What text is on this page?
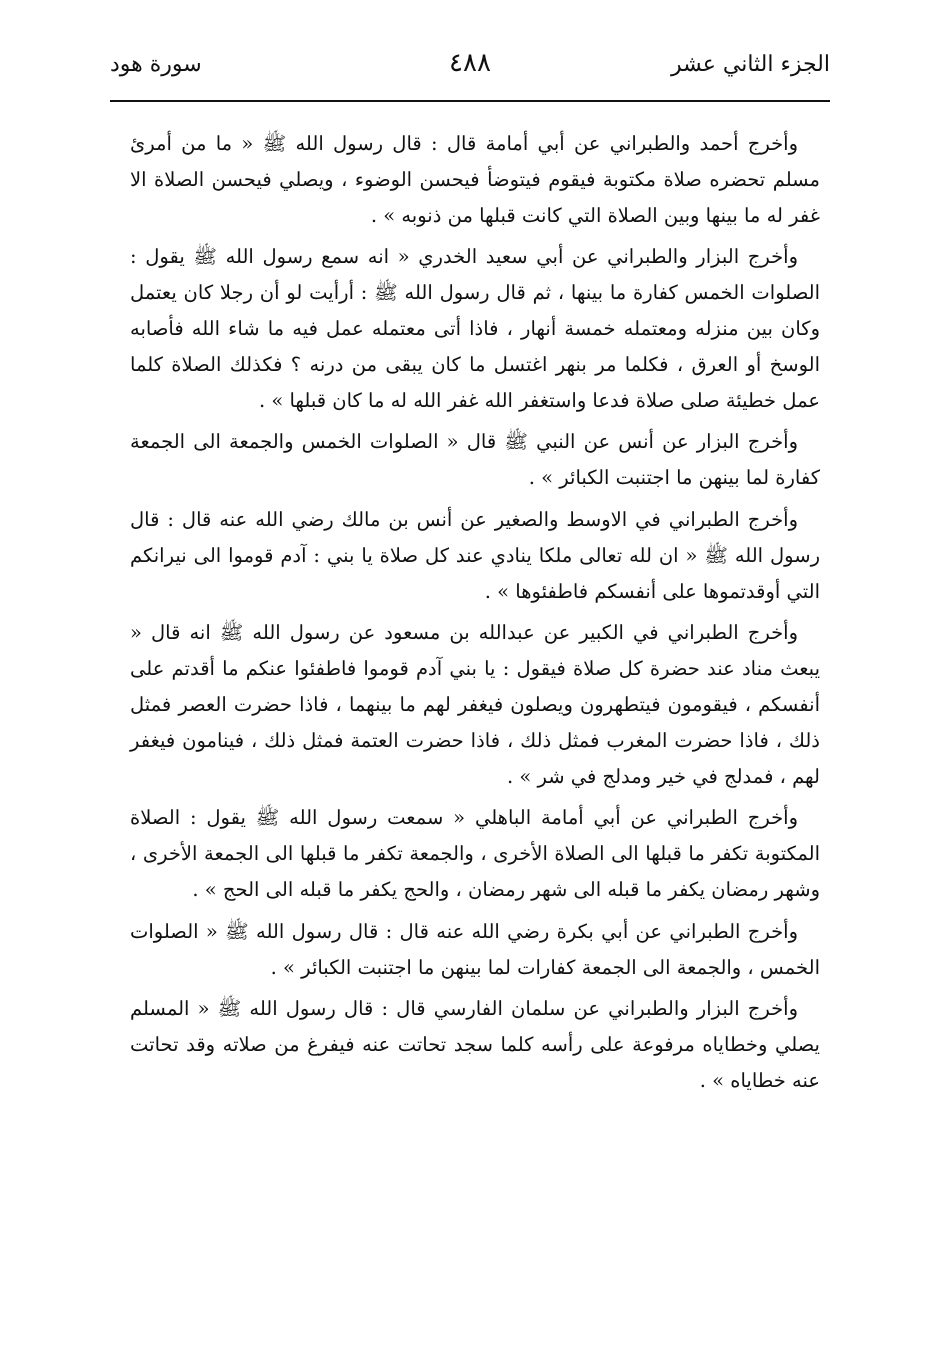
الجزء الثاني عشر
٤٨٨
سورة هود

وأخرج أحمد والطبراني عن أبي أمامة قال : قال رسول الله ﷺ « ما من أمرئ مسلم تحضره صلاة مكتوبة فيقوم فيتوضأ فيحسن الوضوء ، ويصلي فيحسن الصلاة الا غفر له ما بينها وبين الصلاة التي كانت قبلها من ذنوبه » .

وأخرج البزار والطبراني عن أبي سعيد الخدري « انه سمع رسول الله ﷺ يقول : الصلوات الخمس كفارة ما بينها ، ثم قال رسول الله ﷺ : أرأيت لو أن رجلا كان يعتمل وكان بين منزله ومعتمله خمسة أنهار ، فاذا أتى معتمله عمل فيه ما شاء الله فأصابه الوسخ أو العرق ، فكلما مر بنهر اغتسل ما كان يبقى من درنه ؟ فكذلك الصلاة كلما عمل خطيئة صلى صلاة فدعا واستغفر الله غفر الله له ما كان قبلها » .

وأخرج البزار عن أنس عن النبي ﷺ قال « الصلوات الخمس والجمعة الى الجمعة كفارة لما بينهن ما اجتنبت الكبائر » .

وأخرج الطبراني في الاوسط والصغير عن أنس بن مالك رضي الله عنه قال : قال رسول الله ﷺ « ان لله تعالى ملكا ينادي عند كل صلاة يا بني : آدم قوموا الى نيرانكم التي أوقدتموها على أنفسكم فاطفئوها » .

وأخرج الطبراني في الكبير عن عبدالله بن مسعود عن رسول الله ﷺ انه قال « يبعث مناد عند حضرة كل صلاة فيقول : يا بني آدم قوموا فاطفئوا عنكم ما أقدتم على أنفسكم ، فيقومون فيتطهرون ويصلون فيغفر لهم ما بينهما ، فاذا حضرت العصر فمثل ذلك ، فاذا حضرت المغرب فمثل ذلك ، فاذا حضرت العتمة فمثل ذلك ، فينامون فيغفر لهم ، فمدلج في خير ومدلج في شر » .

وأخرج الطبراني عن أبي أمامة الباهلي « سمعت رسول الله ﷺ يقول : الصلاة المكتوبة تكفر ما قبلها الى الصلاة الأخرى ، والجمعة تكفر ما قبلها الى الجمعة الأخرى ، وشهر رمضان يكفر ما قبله الى شهر رمضان ، والحج يكفر ما قبله الى الحج » .

وأخرج الطبراني عن أبي بكرة رضي الله عنه قال : قال رسول الله ﷺ « الصلوات الخمس ، والجمعة الى الجمعة كفارات لما بينهن ما اجتنبت الكبائر » .

وأخرج البزار والطبراني عن سلمان الفارسي قال : قال رسول الله ﷺ « المسلم يصلي وخطاياه مرفوعة على رأسه كلما سجد تحاتت عنه فيفرغ من صلاته وقد تحاتت عنه خطاياه » .
